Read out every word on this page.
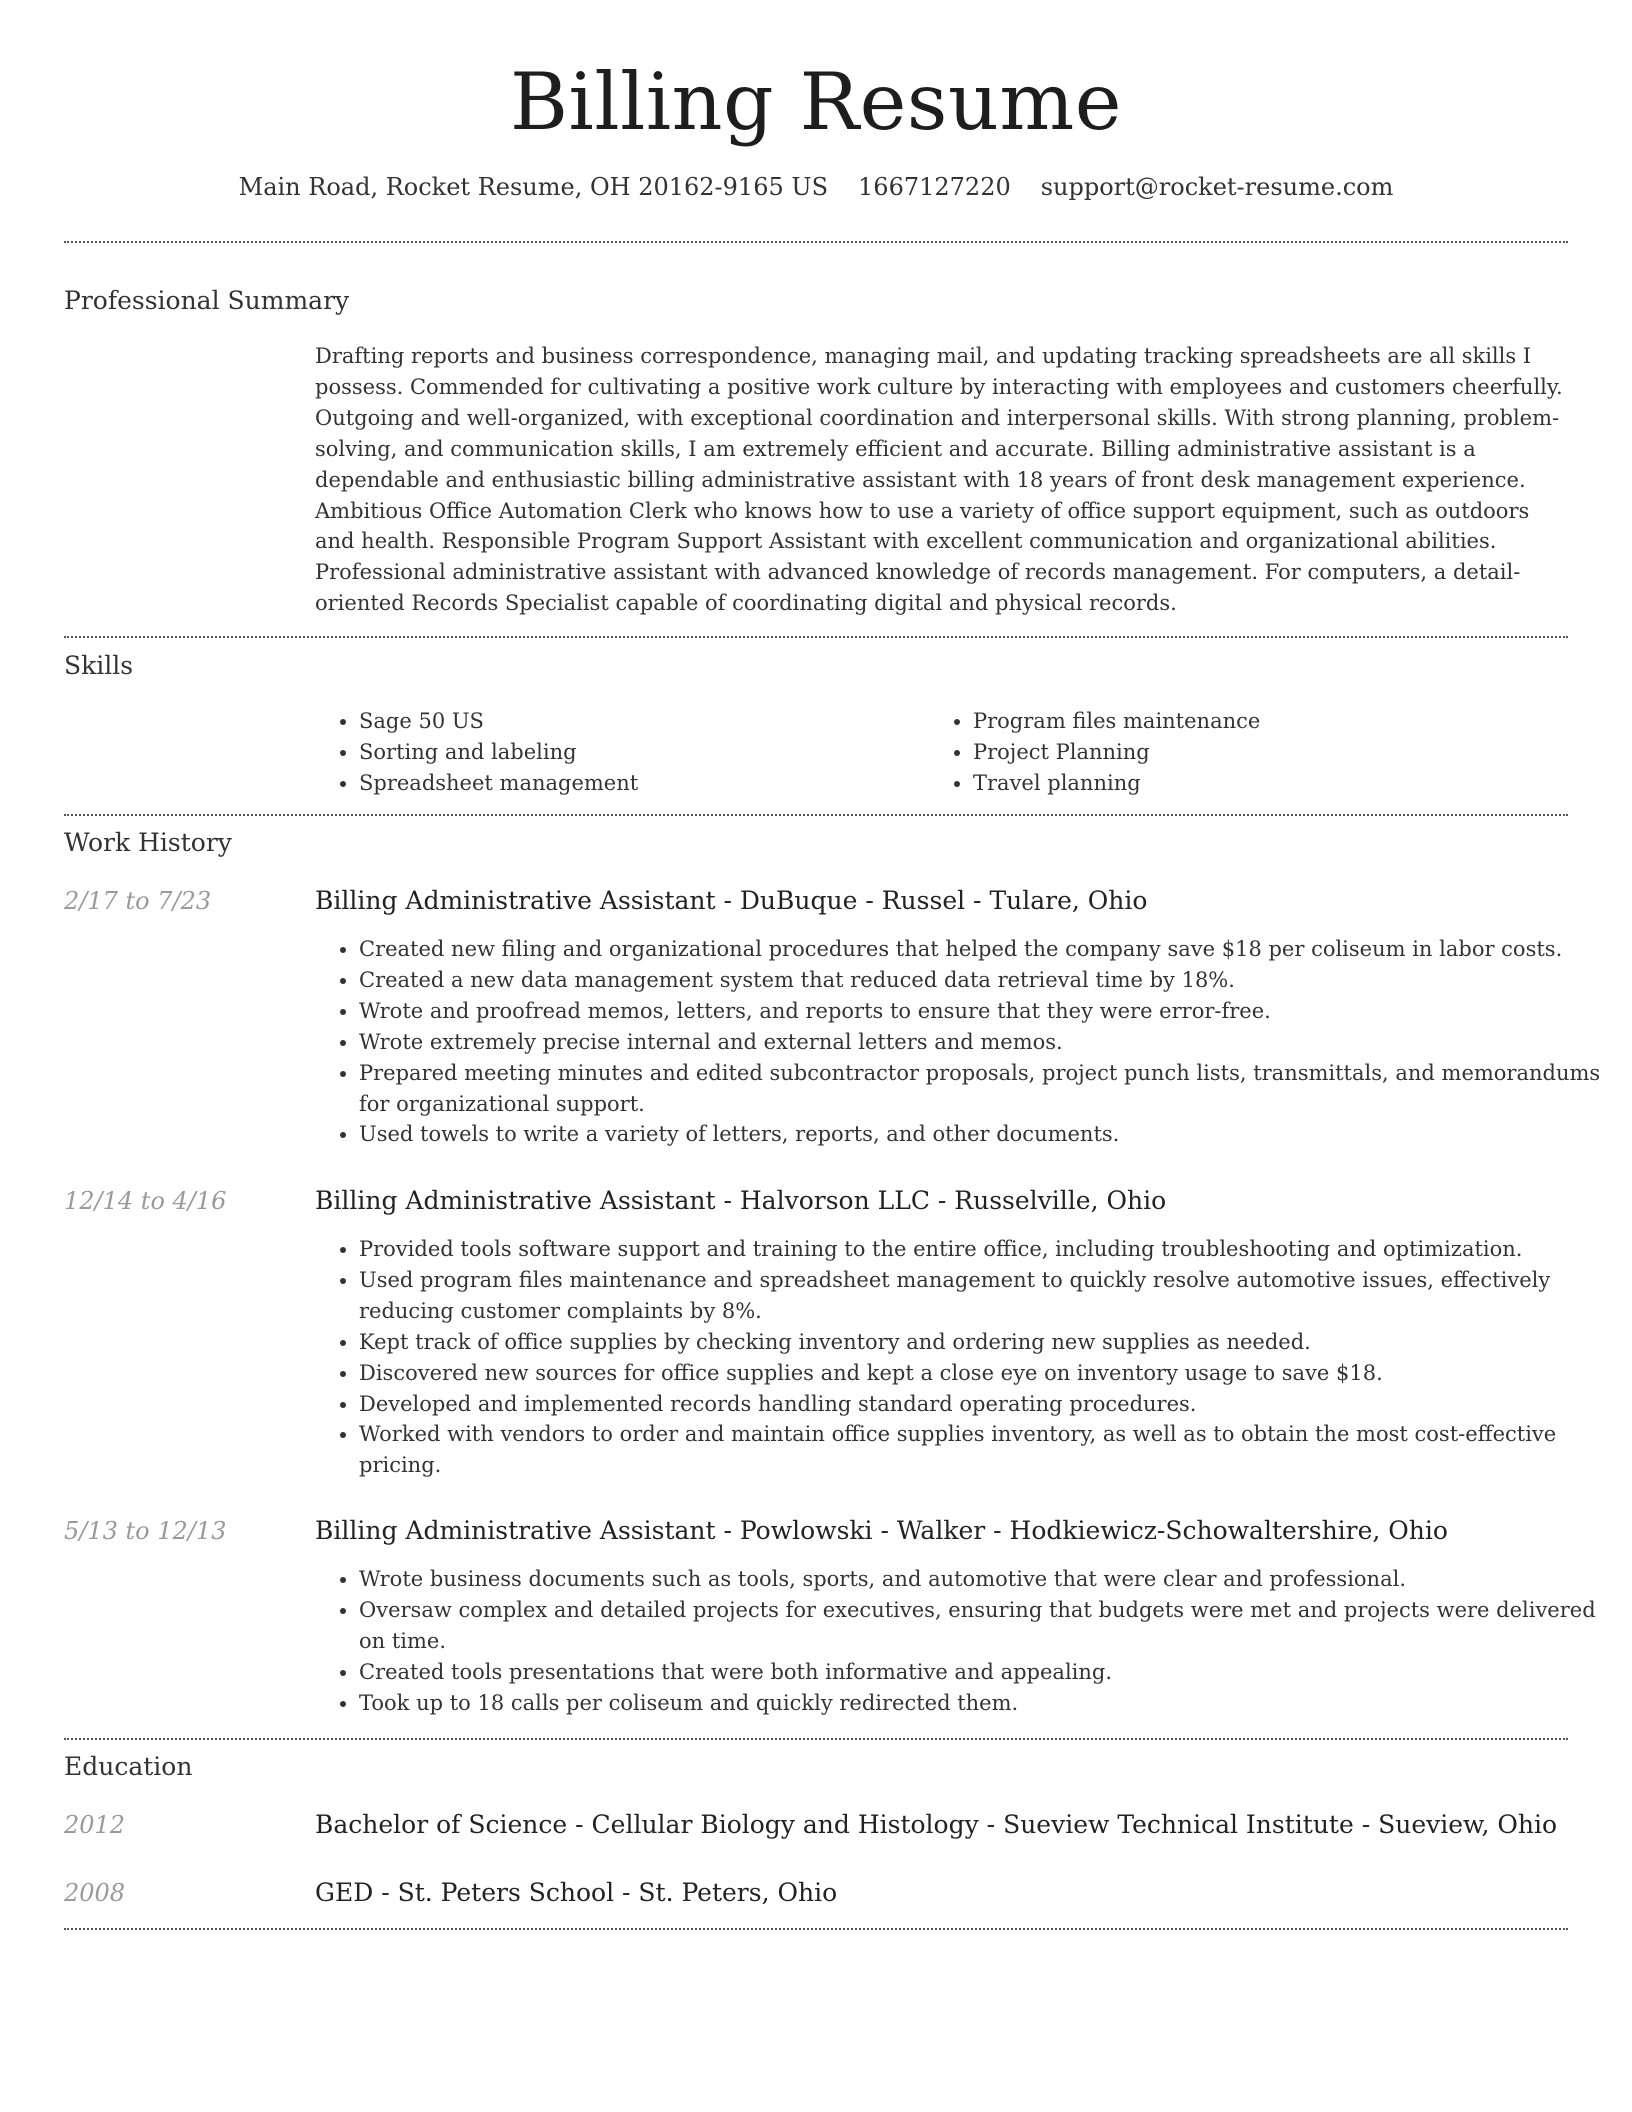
Billing Resume
Main Road, Rocket Resume, OH 20162-9165 US 1667127220 support@rocket-resume.com
Professional Summary
Drafting reports and business correspondence, managing mail, and updating tracking spreadsheets are all skills I possess. Commended for cultivating a positive work culture by interacting with employees and customers cheerfully. Outgoing and well-organized, with exceptional coordination and interpersonal skills. With strong planning, problem-solving, and communication skills, I am extremely efficient and accurate. Billing administrative assistant is a dependable and enthusiastic billing administrative assistant with 18 years of front desk management experience. Ambitious Office Automation Clerk who knows how to use a variety of office support equipment, such as outdoors and health. Responsible Program Support Assistant with excellent communication and organizational abilities. Professional administrative assistant with advanced knowledge of records management. For computers, a detail-oriented Records Specialist capable of coordinating digital and physical records.
Skills
• Sage 50 US
• Sorting and labeling
• Spreadsheet management
• Program files maintenance
• Project Planning
• Travel planning
Work History
2/17 to 7/23	Billing Administrative Assistant - DuBuque - Russel - Tulare, Ohio
• Created new filing and organizational procedures that helped the company save $18 per coliseum in labor costs.
• Created a new data management system that reduced data retrieval time by 18%.
• Wrote and proofread memos, letters, and reports to ensure that they were error-free.
• Wrote extremely precise internal and external letters and memos.
• Prepared meeting minutes and edited subcontractor proposals, project punch lists, transmittals, and memorandums for organizational support.
• Used towels to write a variety of letters, reports, and other documents.
12/14 to 4/16	Billing Administrative Assistant - Halvorson LLC - Russelville, Ohio
• Provided tools software support and training to the entire office, including troubleshooting and optimization.
• Used program files maintenance and spreadsheet management to quickly resolve automotive issues, effectively reducing customer complaints by 8%.
• Kept track of office supplies by checking inventory and ordering new supplies as needed.
• Discovered new sources for office supplies and kept a close eye on inventory usage to save $18.
• Developed and implemented records handling standard operating procedures.
• Worked with vendors to order and maintain office supplies inventory, as well as to obtain the most cost-effective pricing.
5/13 to 12/13	Billing Administrative Assistant - Powlowski - Walker - Hodkiewicz-Schowaltershire, Ohio
• Wrote business documents such as tools, sports, and automotive that were clear and professional.
• Oversaw complex and detailed projects for executives, ensuring that budgets were met and projects were delivered on time.
• Created tools presentations that were both informative and appealing.
• Took up to 18 calls per coliseum and quickly redirected them.
Education
2012	Bachelor of Science - Cellular Biology and Histology - Sueview Technical Institute - Sueview, Ohio
2008	GED - St. Peters School - St. Peters, Ohio
